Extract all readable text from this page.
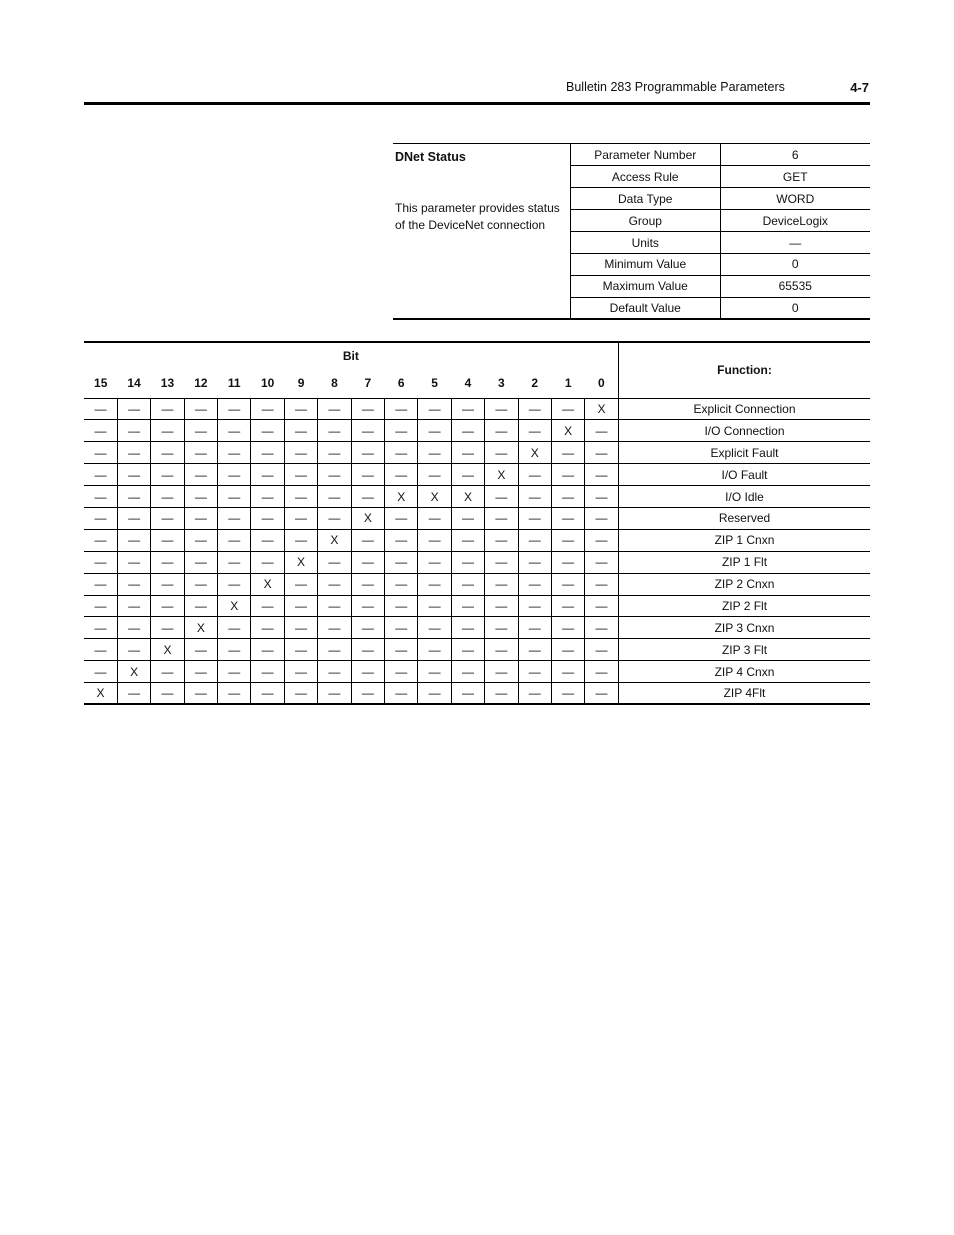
Bulletin 283 Programmable Parameters	4-7
DNet Status
This parameter provides status of the DeviceNet connection
Parameter Number	6
Access Rule	GET
Data Type	WORD
Group	DeviceLogix
Units	—
Minimum Value	0
Maximum Value	65535
Default Value	0
Bit																Function:
15	14	13	12	11	10	9	8	7	6	5	4	3	2	1	0	
—	—	—	—	—	—	—	—	—	—	—	—	—	—	—	X	Explicit Connection
—	—	—	—	—	—	—	—	—	—	—	—	—	—	X	—	I/O Connection
—	—	—	—	—	—	—	—	—	—	—	—	—	X	—	—	Explicit Fault
—	—	—	—	—	—	—	—	—	—	—	—	X	—	—	—	I/O Fault
—	—	—	—	—	—	—	—	—	X	X	X	—	—	—	—	I/O Idle
—	—	—	—	—	—	—	—	X	—	—	—	—	—	—	—	Reserved
—	—	—	—	—	—	—	X	—	—	—	—	—	—	—	—	ZIP 1 Cnxn
—	—	—	—	—	—	X	—	—	—	—	—	—	—	—	—	ZIP 1 Flt
—	—	—	—	—	X	—	—	—	—	—	—	—	—	—	—	ZIP 2 Cnxn
—	—	—	—	X	—	—	—	—	—	—	—	—	—	—	—	ZIP 2 Flt
—	—	—	X	—	—	—	—	—	—	—	—	—	—	—	—	ZIP 3 Cnxn
—	—	X	—	—	—	—	—	—	—	—	—	—	—	—	—	ZIP 3 Flt
—	X	—	—	—	—	—	—	—	—	—	—	—	—	—	—	ZIP 4 Cnxn
X	—	—	—	—	—	—	—	—	—	—	—	—	—	—	—	ZIP 4Flt
